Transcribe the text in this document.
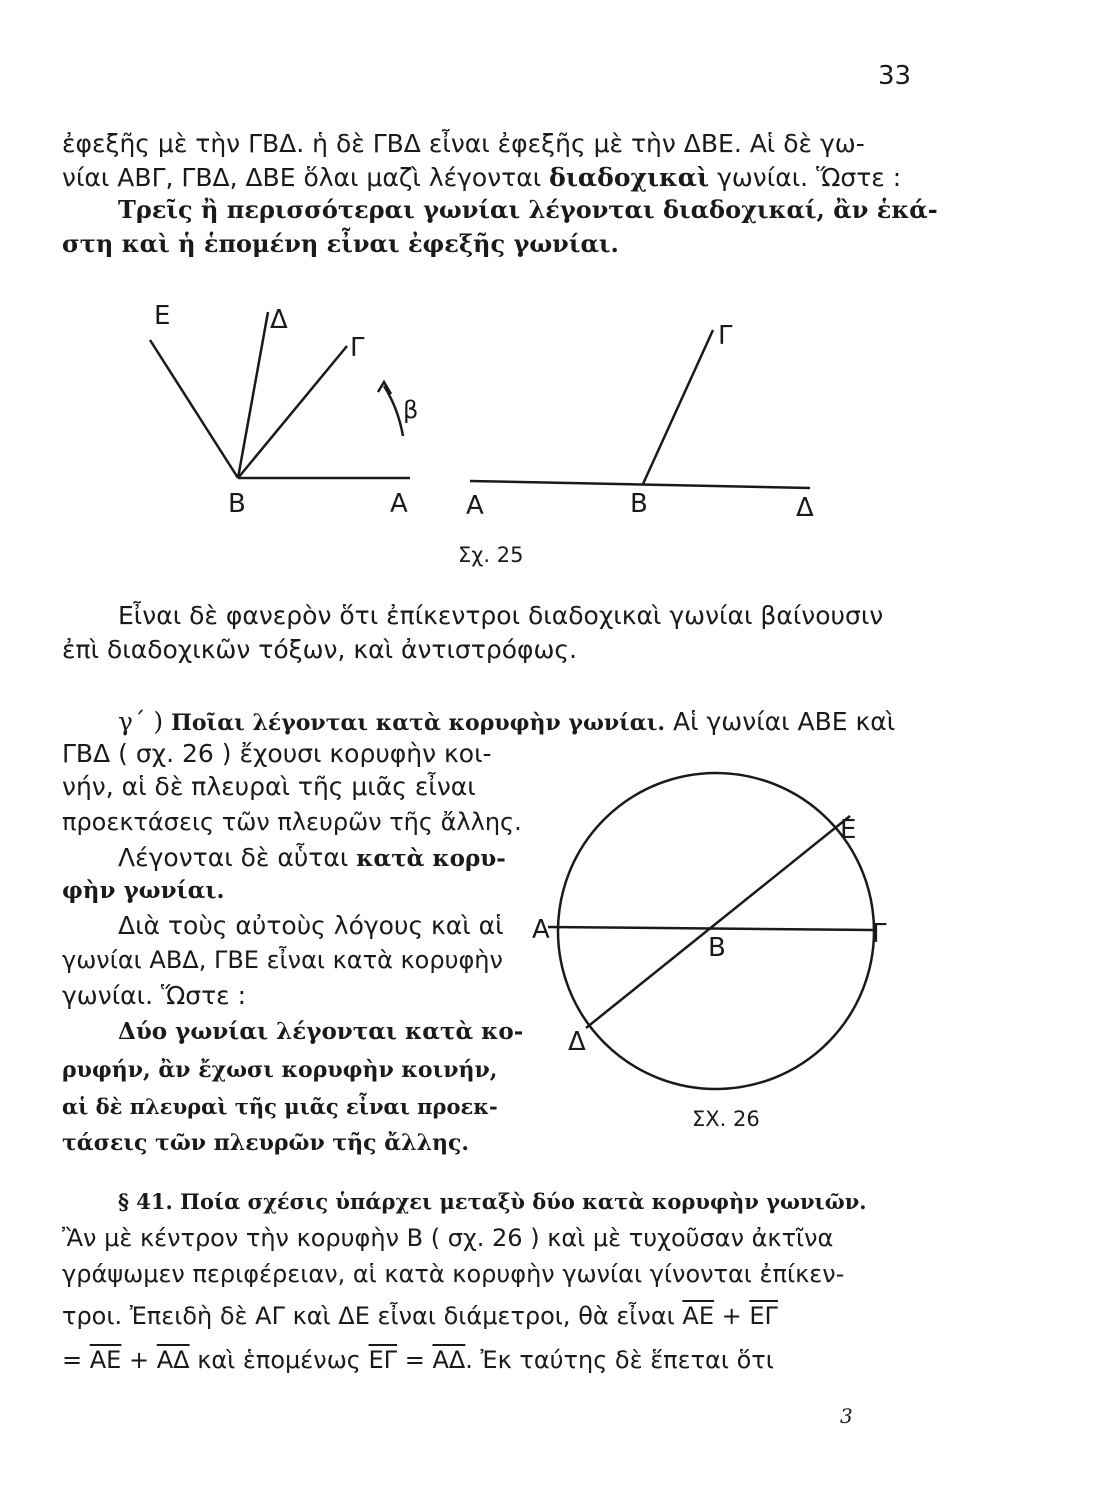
33
ἐφεξῆς μὲ τὴν ΓΒΔ. ἡ δὲ ΓΒΔ εἶναι ἐφεξῆς μὲ τὴν ΔΒΕ. Αἱ δὲ γω-
νίαι ΑΒΓ, ΓΒΔ, ΔΒΕ ὅλαι μαζὶ λέγονται διαδοχικαὶ γωνίαι. Ὥστε :
Τρεῖς ἢ περισσότεραι γωνίαι λέγονται διαδοχικαί, ἂν ἑκά-
στη καὶ ἡ ἑπομένη εἶναι ἐφεξῆς γωνίαι.
Ε	Δ
Γ
β
Β	Α
Γ
Α	Β	Δ
Σχ. 25
Εἶναι δὲ φανερὸν ὅτι ἐπίκεντροι διαδοχικαὶ γωνίαι βαίνουσιν
ἐπὶ διαδοχικῶν τόξων, καὶ ἀντιστρόφως.
γ΄ ) Ποῖαι λέγονται κατὰ κορυφὴν γωνίαι. Αἱ γωνίαι ΑΒΕ καὶ
ΓΒΔ ( σχ. 26 ) ἔχουσι κορυφὴν κοι-
νήν, αἱ δὲ πλευραὶ τῆς μιᾶς εἶναι
προεκτάσεις τῶν πλευρῶν τῆς ἄλλης.
Λέγονται δὲ αὗται κατὰ κορυ-
φὴν γωνίαι.
Διὰ τοὺς αὐτοὺς λόγους καὶ αἱ
γωνίαι ΑΒΔ, ΓΒΕ εἶναι κατὰ κορυφὴν
γωνίαι. Ὥστε :
Δύο γωνίαι λέγονται κατὰ κο-
ρυφήν, ἂν ἔχωσι κορυφὴν κοινήν,
αἱ δὲ πλευραὶ τῆς μιᾶς εἶναι προεκ-
τάσεις τῶν πλευρῶν τῆς ἄλλης.
Ε
Α
Β	Γ
Δ
ΣΧ. 26
§ 41. Ποία σχέσις ὑπάρχει μεταξὺ δύο κατὰ κορυφὴν γωνιῶν.
Ἂν μὲ κέντρον τὴν κορυφὴν Β ( σχ. 26 ) καὶ μὲ τυχοῦσαν ἀκτῖνα
γράψωμεν περιφέρειαν, αἱ κατὰ κορυφὴν γωνίαι γίνονται ἐπίκεν-
τροι. Ἐπειδὴ δὲ ΑΓ καὶ ΔΕ εἶναι διάμετροι, θὰ εἶναι $\overline{AE} + \overline{E\Gamma}$
= $\overline{AE} + \overline{A\Delta}$ καὶ ἑπομένως $\overline{E\Gamma} = \overline{A\Delta}$. Ἐκ ταύτης δὲ ἕπεται ὅτι
3
